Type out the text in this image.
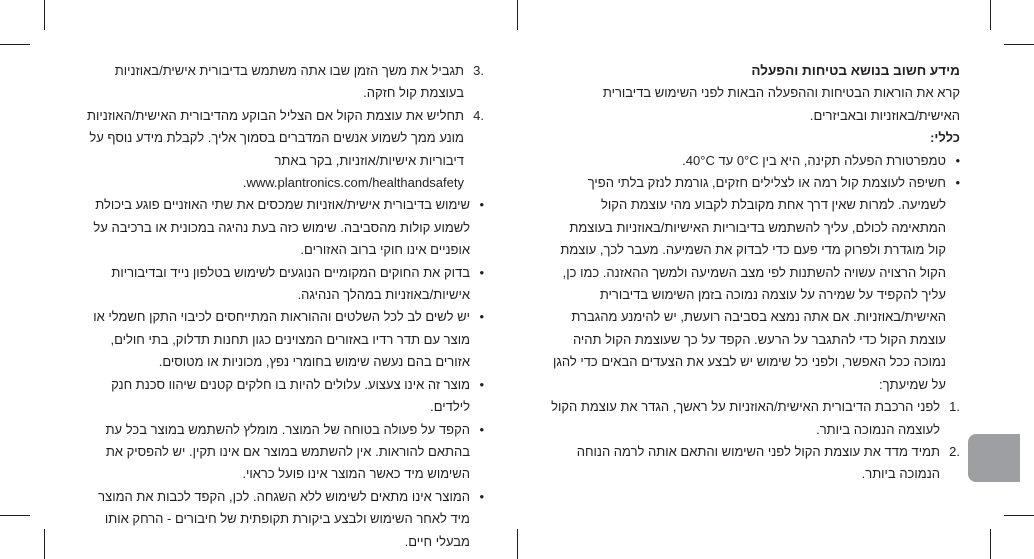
מידע חשוב בנושא בטיחות והפעלה

קרא את הוראות הבטיחות וההפעלה הבאות לפני השימוש בדיבורית האישית/באוזניות ובאביזרים.

כללי:

• טמפרטורת הפעלה תקינה, היא בין 0°C עד 40°C.

• חשיפה לעוצמת קול רמה או לצלילים חזקים, גורמת לנזק בלתי הפיך לשמיעה. למרות שאין דרך אחת מקובלת לקבוע מהי עוצמת הקול המתאימה לכולם, עליך להשתמש בדיבוריות האישיות/באוזניות בעוצמת קול מוגדרת ולפרוק מדי פעם כדי לבדוק את השמיעה. מעבר לכך, עוצמת הקול הרצויה עשויה להשתנות לפי מצב השמיעה ולמשך ההאזנה. כמו כן, עליך להקפיד על שמירה על עוצמה נמוכה בזמן השימוש בדיבורית האישית/באוזניות. אם אתה נמצא בסביבה רועשת, יש להימנע מהגברת עוצמת הקול כדי להתגבר על הרעש. הקפד על כך שעוצמת הקול תהיה נמוכה ככל האפשר, ולפני כל שימוש יש לבצע את הצעדים הבאים כדי להגן על שמיעתך:

1.
לפני הרכבת הדיבורית האישית/האוזניות על ראשך, הגדר את עוצמת הקול לעוצמה הנמוכה ביותר.

2.
תמיד מדד את עוצמת הקול לפני השימוש והתאם אותה לרמה הנוחה הנמוכה ביותר.

3.
תגביל את משך הזמן שבו אתה משתמש בדיבורית אישית/באוזניות בעוצמת קול חזקה.

4.
תחליש את עוצמת הקול אם הצליל הבוקע מהדיבורית האישית/האוזניות מונע ממך לשמוע אנשים המדברים בסמוך אליך. לקבלת מידע נוסף על דיבוריות אישיות/אוזניות, בקר באתר www.plantronics.com/healthandsafety.

• שימוש בדיבורית אישית/אוזניות שמכסים את שתי האוזניים פוגע ביכולת לשמוע קולות מהסביבה. שימוש כזה בעת נהיגה במכונית או ברכיבה על אופניים אינו חוקי ברוב האזורים.

• בדוק את החוקים המקומיים הנוגעים לשימוש בטלפון נייד ובדיבוריות אישיות/באוזניות במהלך הנהיגה.

• יש לשים לב לכל השלטים וההוראות המתייחסים לכיבוי התקן חשמלי או מוצר עם תדר רדיו באזורים המצוינים כגון תחנות תדלוק, בתי חולים, אזורים בהם נעשה שימוש בחומרי נפץ, מכוניות או מטוסים.

• מוצר זה אינו צעצוע. עלולים להיות בו חלקים קטנים שיהוו סכנת חנק לילדים.

• הקפד על פעולה בטוחה של המוצר. מומלץ להשתמש במוצר בכל עת בהתאם להוראות. אין להשתמש במוצר אם אינו תקין. יש להפסיק את השימוש מיד כאשר המוצר אינו פועל כראוי.

• המוצר אינו מתאים לשימוש ללא השגחה. לכן, הקפד לכבות את המוצר מיד לאחר השימוש ולבצע ביקורת תקופתית של חיבורים - הרחק אותו מבעלי חיים.
